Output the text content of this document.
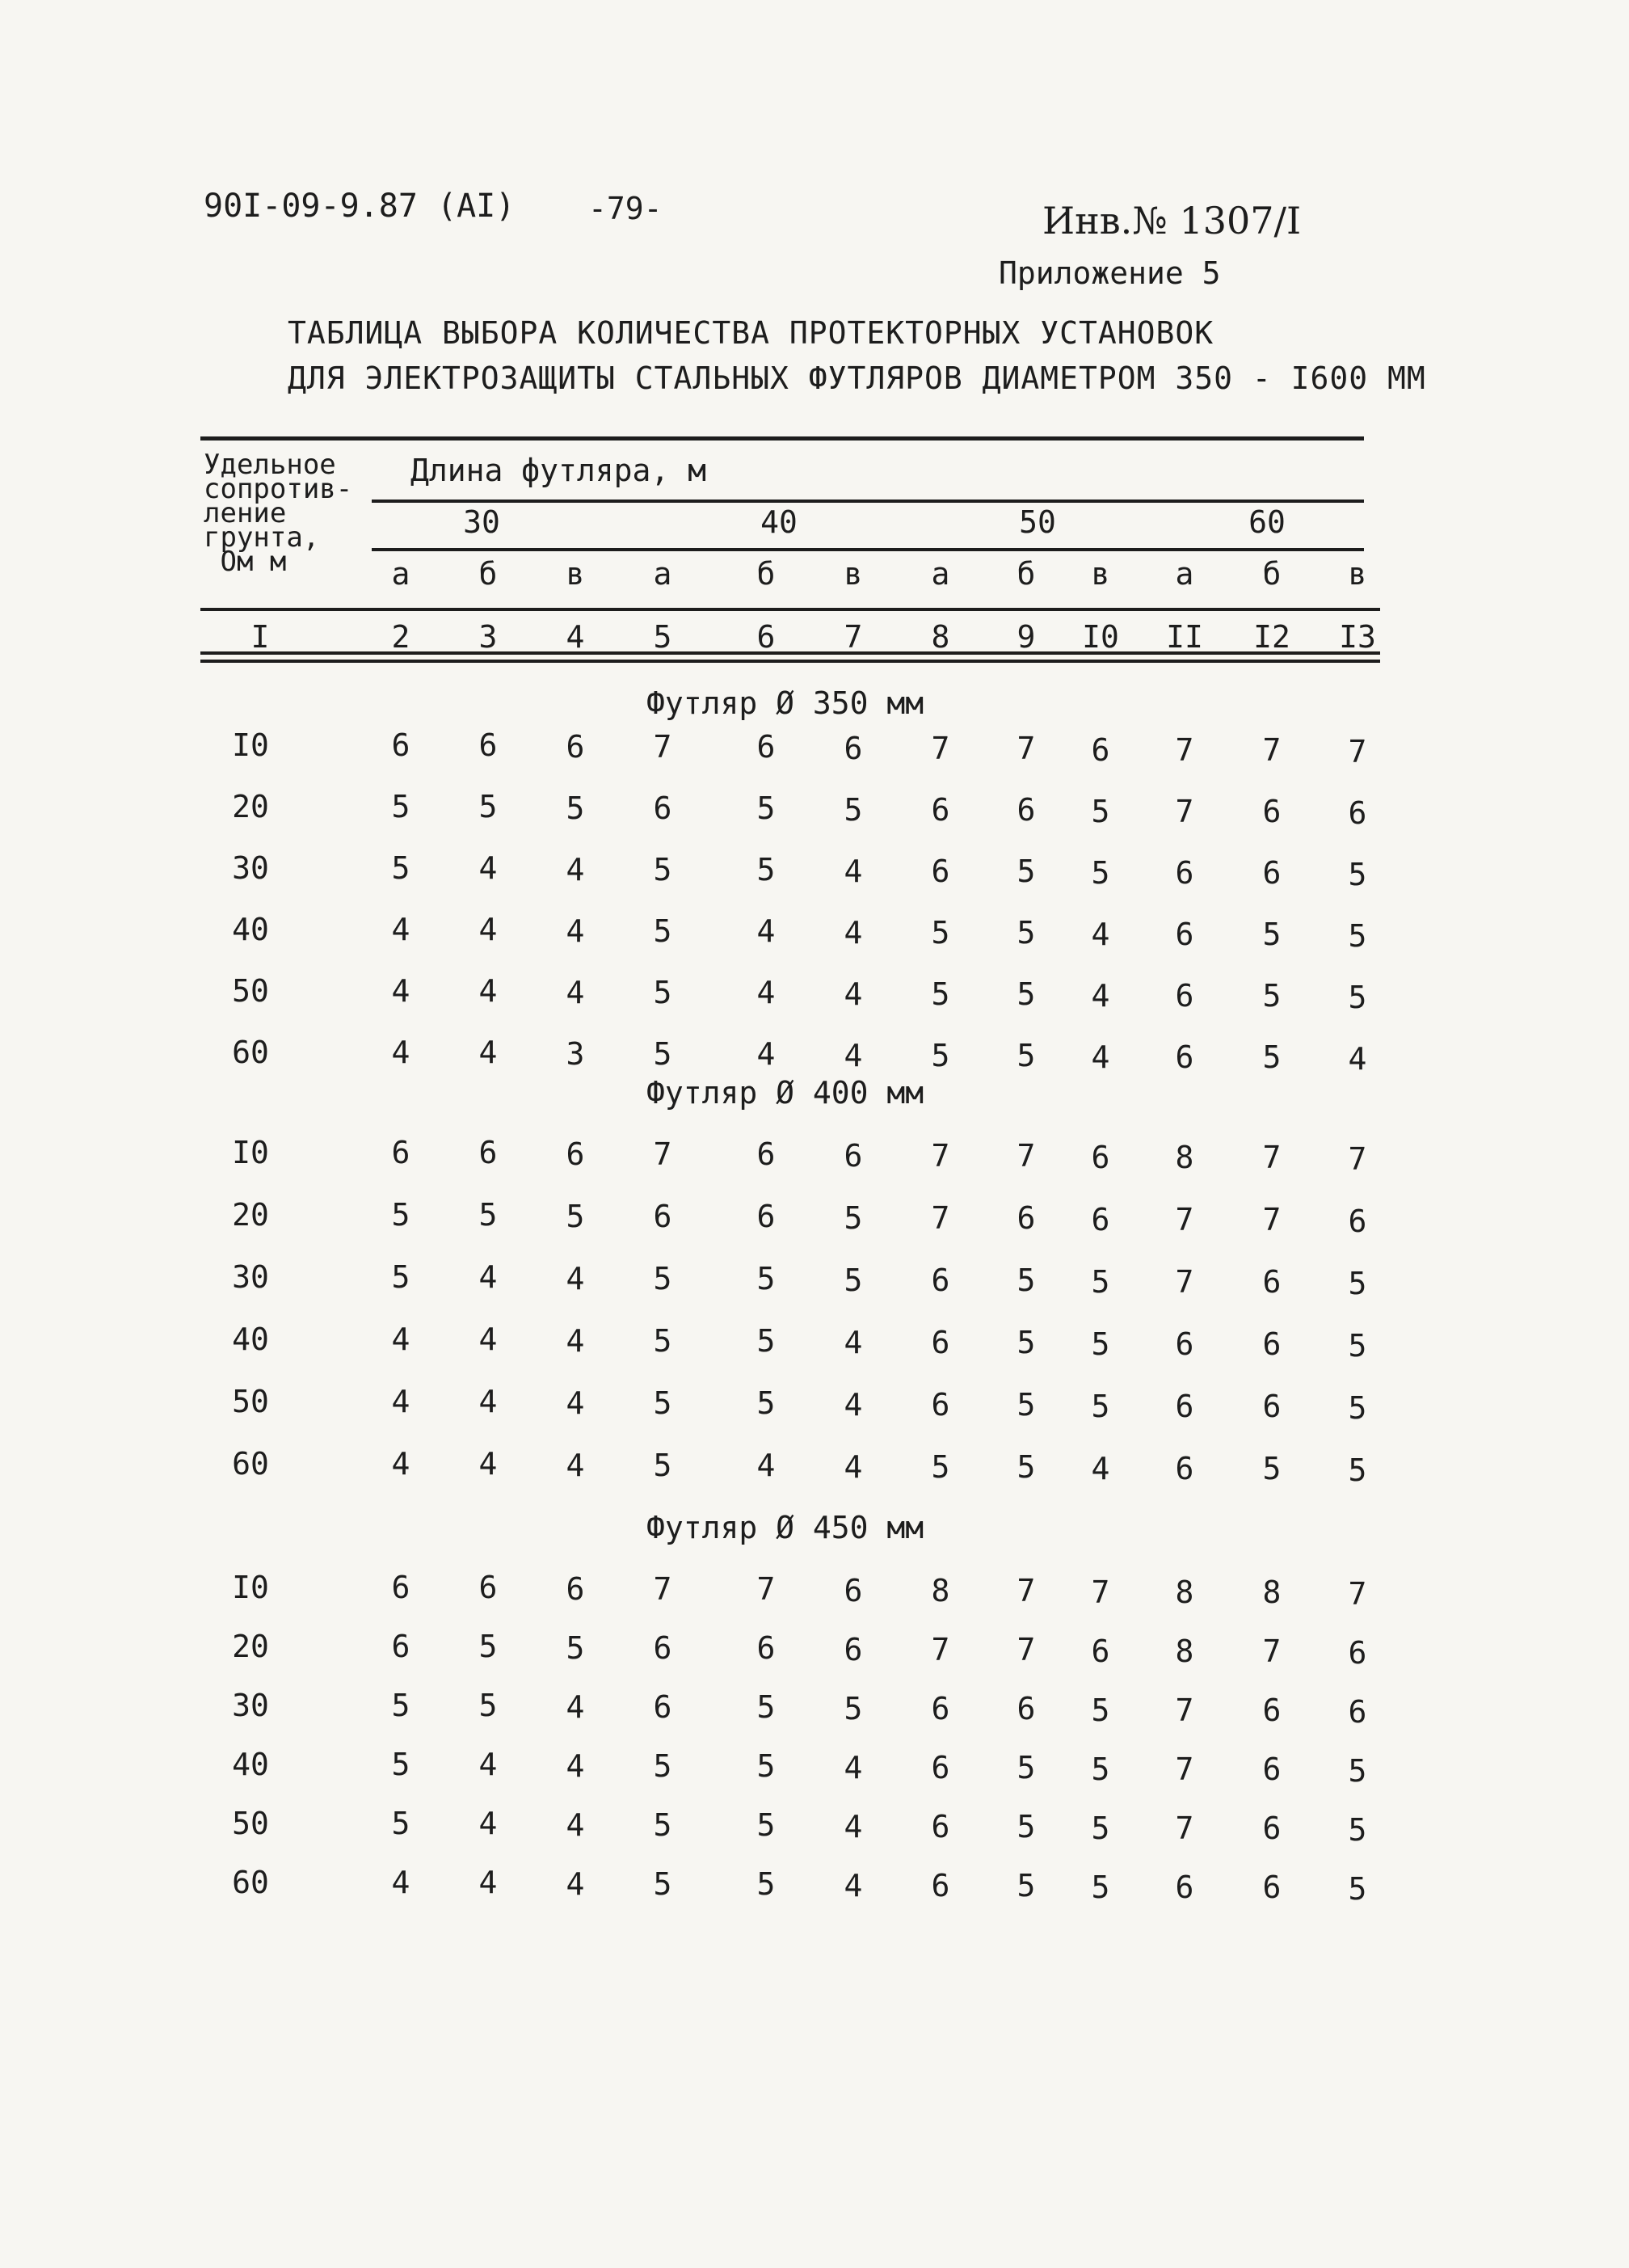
90I-09-9.87 (АI) -79-	Инв.№ 1307/I
Приложение 5
ТАБЛИЦА ВЫБОРА КОЛИЧЕСТВА ПРОТЕКТОРНЫХ УСТАНОВОК
ДЛЯ ЭЛЕКТРОЗАЩИТЫ СТАЛЬНЫХ ФУТЛЯРОВ ДИАМЕТРОМ 350 - I600 ММ
Удельное
сопротив-
ление
грунта,
Ом м
Длина футляра, м
30	40	50	60
а	б	в	а	б	в	а	б	в	а	б	в
I	2	3	4	5	6	7	8	9	I0	II	I2	I3
Футляр Ø 350 мм
I0	6	6	6	7	6	6	7	7	6	7	7	7
20	5	5	5	6	5	5	6	6	5	7	6	6
30	5	4	4	5	5	4	6	5	5	6	6	5
40	4	4	4	5	4	4	5	5	4	6	5	5
50	4	4	4	5	4	4	5	5	4	6	5	5
60	4	4	3	5	4	4	5	5	4	6	5	4
Футляр Ø 400 мм
I0	6	6	6	7	6	6	7	7	6	8	7	7
20	5	5	5	6	6	5	7	6	6	7	7	6
30	5	4	4	5	5	5	6	5	5	7	6	5
40	4	4	4	5	5	4	6	5	5	6	6	5
50	4	4	4	5	5	4	6	5	5	6	6	5
60	4	4	4	5	4	4	5	5	4	6	5	5
Футляр Ø 450 мм
I0	6	6	6	7	7	6	8	7	7	8	8	7
20	6	5	5	6	6	6	7	7	6	8	7	6
30	5	5	4	6	5	5	6	6	5	7	6	6
40	5	4	4	5	5	4	6	5	5	7	6	5
50	5	4	4	5	5	4	6	5	5	7	6	5
60	4	4	4	5	5	4	6	5	5	6	6	5
